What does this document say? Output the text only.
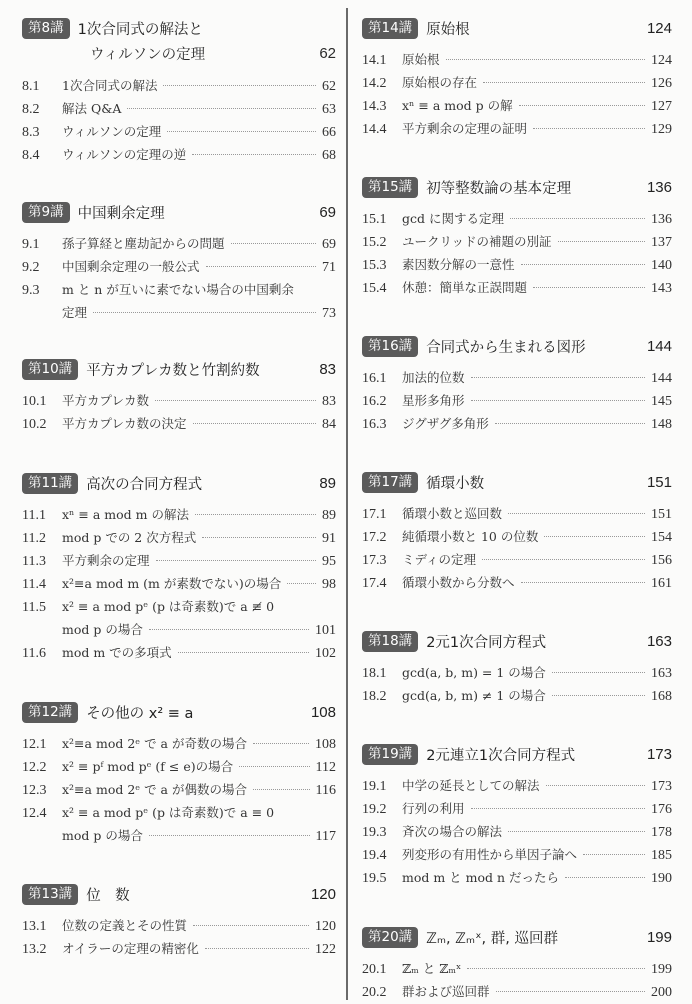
第8講 1次合同式の解法と
ウィルソンの定理	62
8.1	1次合同式の解法	62
8.2	解法 Q&A	63
8.3	ウィルソンの定理	66
8.4	ウィルソンの定理の逆	68
第9講 中国剰余定理	69
9.1	孫子算経と塵劫記からの問題	69
9.2	中国剰余定理の一般公式	71
9.3	m と n が互いに素でない場合の中国剰余
定理	73
第10講 平方カプレカ数と竹割約数	83
10.1	平方カプレカ数	83
10.2	平方カプレカ数の決定	84
第11講 高次の合同方程式	89
11.1	xⁿ ≡ a mod m の解法	89
11.2	mod p での 2 次方程式	91
11.3	平方剰余の定理	95
11.4	x²≡a mod m (m が素数でない)の場合	98
11.5	x² ≡ a mod pᵉ (p は奇素数)で a ≢ 0
mod p の場合	101
11.6	mod m での多項式	102
第12講 その他の x² ≡ a	108
12.1	x²≡a mod 2ᵉ で a が奇数の場合	108
12.2	x² ≡ pᶠ mod pᵉ (f ≤ e)の場合	112
12.3	x²≡a mod 2ᵉ で a が偶数の場合	116
12.4	x² ≡ a mod pᵉ (p は奇素数)で a ≡ 0
mod p の場合	117
第13講 位　数	120
13.1	位数の定義とその性質	120
13.2	オイラーの定理の精密化	122
第14講 原始根	124
14.1	原始根	124
14.2	原始根の存在	126
14.3	xⁿ ≡ a mod p の解	127
14.4	平方剰余の定理の証明	129
第15講 初等整数論の基本定理	136
15.1	gcd に関する定理	136
15.2	ユークリッドの補題の別証	137
15.3	素因数分解の一意性	140
15.4	休憩：簡単な正誤問題	143
第16講 合同式から生まれる図形	144
16.1	加法的位数	144
16.2	星形多角形	145
16.3	ジグザグ多角形	148
第17講 循環小数	151
17.1	循環小数と巡回数	151
17.2	純循環小数と 10 の位数	154
17.3	ミディの定理	156
17.4	循環小数から分数へ	161
第18講 2元1次合同方程式	163
18.1	gcd(a, b, m) = 1 の場合	163
18.2	gcd(a, b, m) ≠ 1 の場合	168
第19講 2元連立1次合同方程式	173
19.1	中学の延長としての解法	173
19.2	行列の利用	176
19.3	斉次の場合の解法	178
19.4	列変形の有用性から単因子論へ	185
19.5	mod m と mod n だったら	190
第20講 ℤₘ, ℤₘˣ, 群, 巡回群	199
20.1	ℤₘ と ℤₘˣ	199
20.2	群および巡回群	200
